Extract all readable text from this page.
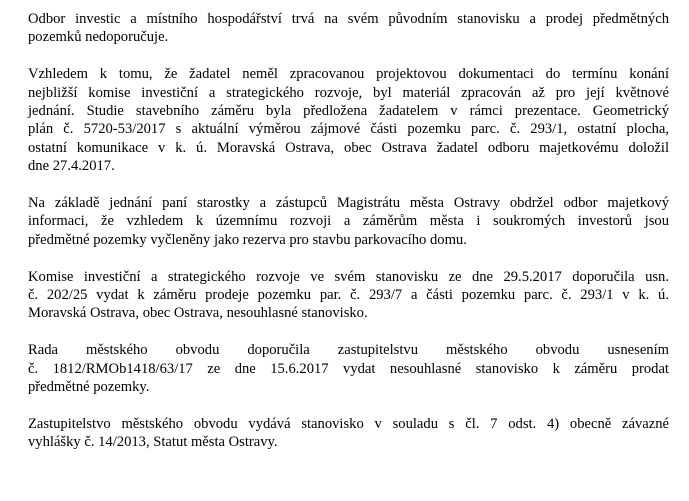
Odbor investic a místního hospodářství trvá na svém původním stanovisku a prodej předmětných
pozemků nedoporučuje.

Vzhledem k tomu, že žadatel neměl zpracovanou projektovou dokumentaci do termínu konání
nejbližší komise investiční a strategického rozvoje, byl materiál zpracován až pro její květnové
jednání. Studie stavebního záměru byla předložena žadatelem v rámci prezentace. Geometrický
plán č. 5720-53/2017 s aktuální výměrou zájmové části pozemku parc. č. 293/1, ostatní plocha,
ostatní komunikace v k. ú. Moravská Ostrava, obec Ostrava žadatel odboru majetkovému doložil
dne 27.4.2017.

Na základě jednání paní starostky a zástupců Magistrátu města Ostravy obdržel odbor majetkový
informaci, že vzhledem k územnímu rozvoji a záměrům města i soukromých investorů jsou
předmětné pozemky vyčleněny jako rezerva pro stavbu parkovacího domu.

Komise investiční a strategického rozvoje ve svém stanovisku ze dne 29.5.2017 doporučila usn.
č. 202/25 vydat k záměru prodeje pozemku par. č. 293/7 a části pozemku parc. č. 293/1 v k. ú.
Moravská Ostrava, obec Ostrava, nesouhlasné stanovisko.

Rada městského obvodu doporučila zastupitelstvu městského obvodu usnesením
č. 1812/RMOb1418/63/17 ze dne 15.6.2017 vydat nesouhlasné stanovisko k záměru prodat
předmětné pozemky.

Zastupitelstvo městského obvodu vydává stanovisko v souladu s čl. 7 odst. 4) obecně závazné
vyhlášky č. 14/2013, Statut města Ostravy.
